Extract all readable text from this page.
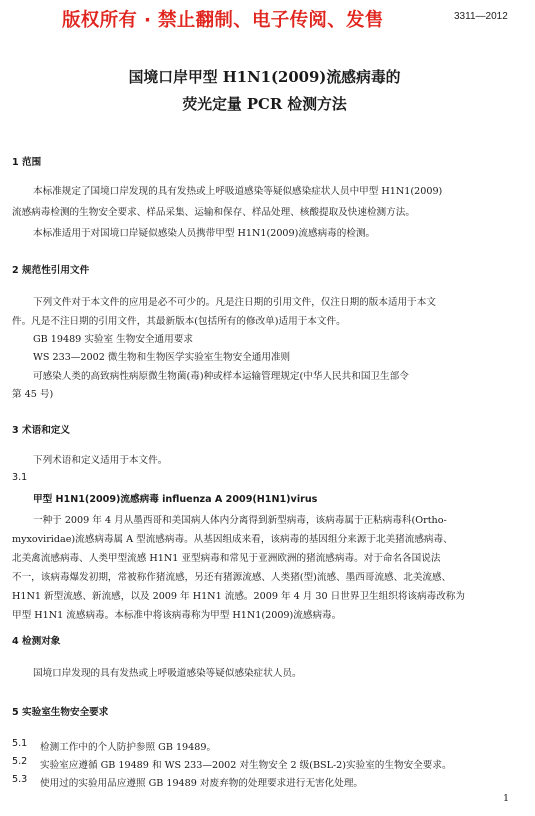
版权所有 · 禁止翻制、电子传阅、发售	3311—2012
国境口岸甲型 H1N1(2009)流感病毒的
荧光定量 PCR 检测方法
1 范围
本标准规定了国境口岸发现的具有发热或上呼吸道感染等疑似感染症状人员中甲型 H1N1(2009)
流感病毒检测的生物安全要求、样品采集、运输和保存、样品处理、核酸提取及快速检测方法。
本标准适用于对国境口岸疑似感染人员携带甲型 H1N1(2009)流感病毒的检测。
2 规范性引用文件
下列文件对于本文件的应用是必不可少的。凡是注日期的引用文件，仅注日期的版本适用于本文
件。凡是不注日期的引用文件，其最新版本(包括所有的修改单)适用于本文件。
GB 19489 实验室 生物安全通用要求
WS 233—2002 微生物和生物医学实验室生物安全通用准则
可感染人类的高致病性病原微生物菌(毒)种或样本运输管理规定(中华人民共和国卫生部令
第 45 号)
3 术语和定义
下列术语和定义适用于本文件。
3.1
甲型 H1N1(2009)流感病毒 influenza A 2009(H1N1)virus
一种于 2009 年 4 月从墨西哥和美国病人体内分离得到新型病毒，该病毒属于正粘病毒科(Ortho-
myxoviridae)流感病毒属 A 型流感病毒。从基因组成来看，该病毒的基因组分来源于北美猪流感病毒、
北美禽流感病毒、人类甲型流感 H1N1 亚型病毒和常见于亚洲欧洲的猪流感病毒。对于命名各国说法
不一，该病毒爆发初期，常被称作猪流感，另还有猪源流感、人类猪(型)流感、墨西哥流感、北美流感、
H1N1 新型流感、新流感，以及 2009 年 H1N1 流感。2009 年 4 月 30 日世界卫生组织将该病毒改称为
甲型 H1N1 流感病毒。本标准中将该病毒称为甲型 H1N1(2009)流感病毒。
4 检测对象
国境口岸发现的具有发热或上呼吸道感染等疑似感染症状人员。
5 实验室生物安全要求
5.1 检测工作中的个人防护参照 GB 19489。
5.2 实验室应遵循 GB 19489 和 WS 233—2002 对生物安全 2 级(BSL-2)实验室的生物安全要求。
5.3 使用过的实验用品应遵照 GB 19489 对废弃物的处理要求进行无害化处理。
1
